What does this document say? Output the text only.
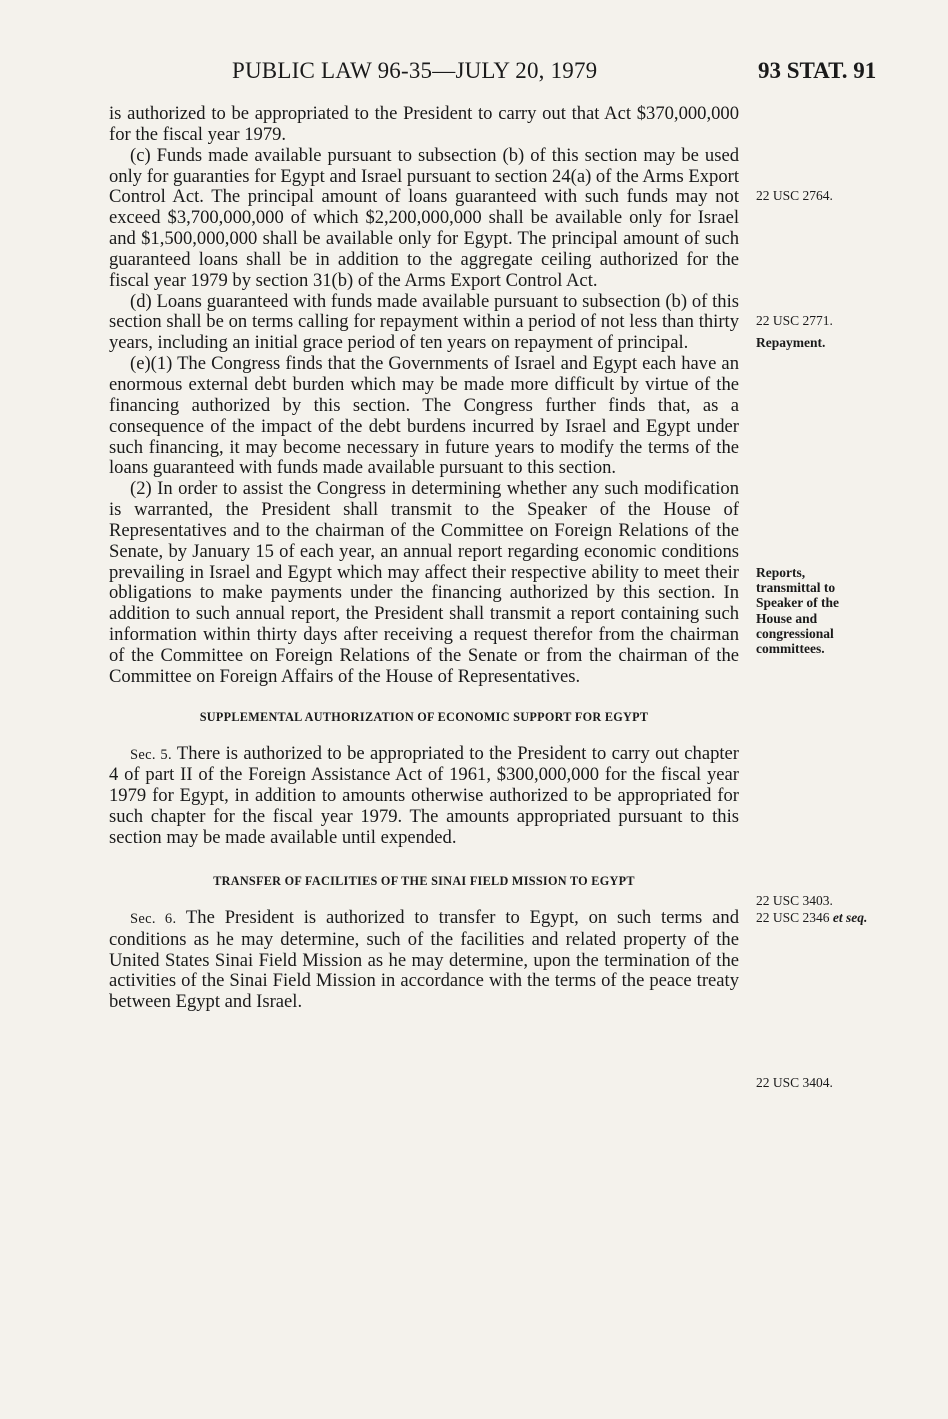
PUBLIC LAW 96-35—JULY 20, 1979	93 STAT. 91

is authorized to be appropriated to the President to carry out that Act $370,000,000 for the fiscal year 1979.

(c) Funds made available pursuant to subsection (b) of this section may be used only for guaranties for Egypt and Israel pursuant to section 24(a) of the Arms Export Control Act. The principal amount of loans guaranteed with such funds may not exceed $3,700,000,000 of which $2,200,000,000 shall be available only for Israel and $1,500,000,000 shall be available only for Egypt. The principal amount of such guaranteed loans shall be in addition to the aggregate ceiling authorized for the fiscal year 1979 by section 31(b) of the Arms Export Control Act.

(d) Loans guaranteed with funds made available pursuant to subsection (b) of this section shall be on terms calling for repayment within a period of not less than thirty years, including an initial grace period of ten years on repayment of principal.

(e)(1) The Congress finds that the Governments of Israel and Egypt each have an enormous external debt burden which may be made more difficult by virtue of the financing authorized by this section. The Congress further finds that, as a consequence of the impact of the debt burdens incurred by Israel and Egypt under such financing, it may become necessary in future years to modify the terms of the loans guaranteed with funds made available pursuant to this section.

(2) In order to assist the Congress in determining whether any such modification is warranted, the President shall transmit to the Speaker of the House of Representatives and to the chairman of the Committee on Foreign Relations of the Senate, by January 15 of each year, an annual report regarding economic conditions prevailing in Israel and Egypt which may affect their respective ability to meet their obligations to make payments under the financing authorized by this section. In addition to such annual report, the President shall transmit a report containing such information within thirty days after receiving a request therefor from the chairman of the Committee on Foreign Relations of the Senate or from the chairman of the Committee on Foreign Affairs of the House of Representatives.

SUPPLEMENTAL AUTHORIZATION OF ECONOMIC SUPPORT FOR EGYPT

Sec. 5. There is authorized to be appropriated to the President to carry out chapter 4 of part II of the Foreign Assistance Act of 1961, $300,000,000 for the fiscal year 1979 for Egypt, in addition to amounts otherwise authorized to be appropriated for such chapter for the fiscal year 1979. The amounts appropriated pursuant to this section may be made available until expended.

TRANSFER OF FACILITIES OF THE SINAI FIELD MISSION TO EGYPT

Sec. 6. The President is authorized to transfer to Egypt, on such terms and conditions as he may determine, such of the facilities and related property of the United States Sinai Field Mission as he may determine, upon the termination of the activities of the Sinai Field Mission in accordance with the terms of the peace treaty between Egypt and Israel.

22 USC 2764.
22 USC 2771.
Repayment.
Reports,
transmittal to
Speaker of the
House and
congressional
committees.
22 USC 3403.
22 USC 2346 et seq.
22 USC 3404.
